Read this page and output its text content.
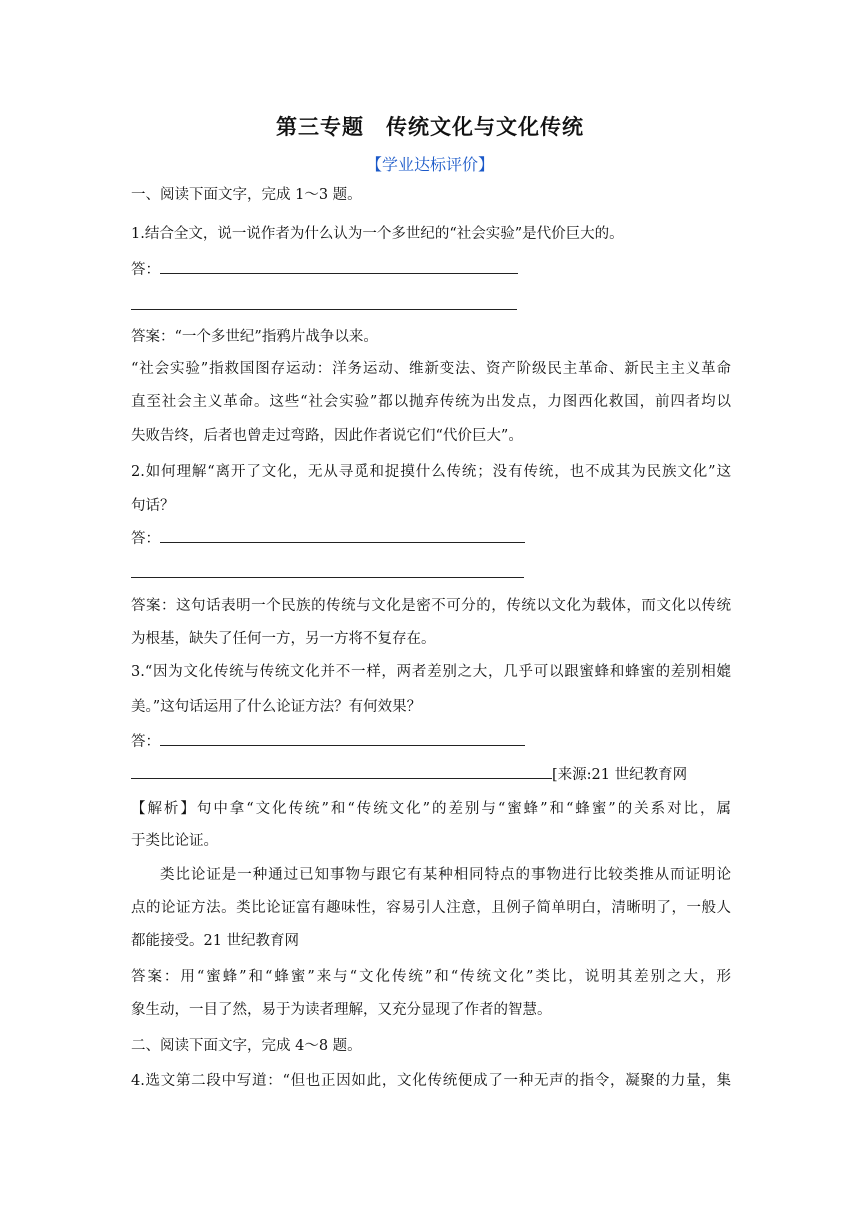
第三专题　传统文化与文化传统
【学业达标评价】
一、阅读下面文字，完成 1～3 题。
1.结合全文，说一说作者为什么认为一个多世纪的“社会实验”是代价巨大的。
答：
答案：“一个多世纪”指鸦片战争以来。
“社会实验”指救国图存运动：洋务运动、维新变法、资产阶级民主革命、新民主主义革命
直至社会主义革命。这些“社会实验”都以抛弃传统为出发点，力图西化救国，前四者均以
失败告终，后者也曾走过弯路，因此作者说它们“代价巨大”。
2.如何理解“离开了文化，无从寻觅和捉摸什么传统；没有传统，也不成其为民族文化”这
句话？
答：
答案：这句话表明一个民族的传统与文化是密不可分的，传统以文化为载体，而文化以传统
为根基，缺失了任何一方，另一方将不复存在。
3.“因为文化传统与传统文化并不一样，两者差别之大，几乎可以跟蜜蜂和蜂蜜的差别相媲
美。”这句话运用了什么论证方法？有何效果？
答：
[来源:21 世纪教育网
【解析】句中拿“文化传统”和“传统文化”的差别与“蜜蜂”和“蜂蜜”的关系对比，属
于类比论证。
类比论证是一种通过已知事物与跟它有某种相同特点的事物进行比较类推从而证明论
点的论证方法。类比论证富有趣味性，容易引人注意，且例子简单明白，清晰明了，一般人
都能接受。21 世纪教育网
答案：用“蜜蜂”和“蜂蜜”来与“文化传统”和“传统文化”类比，说明其差别之大，形
象生动，一目了然，易于为读者理解，又充分显现了作者的智慧。
二、阅读下面文字，完成 4～8 题。
4.选文第二段中写道：“但也正因如此，文化传统便成了一种无声的指令，凝聚的力量，集
